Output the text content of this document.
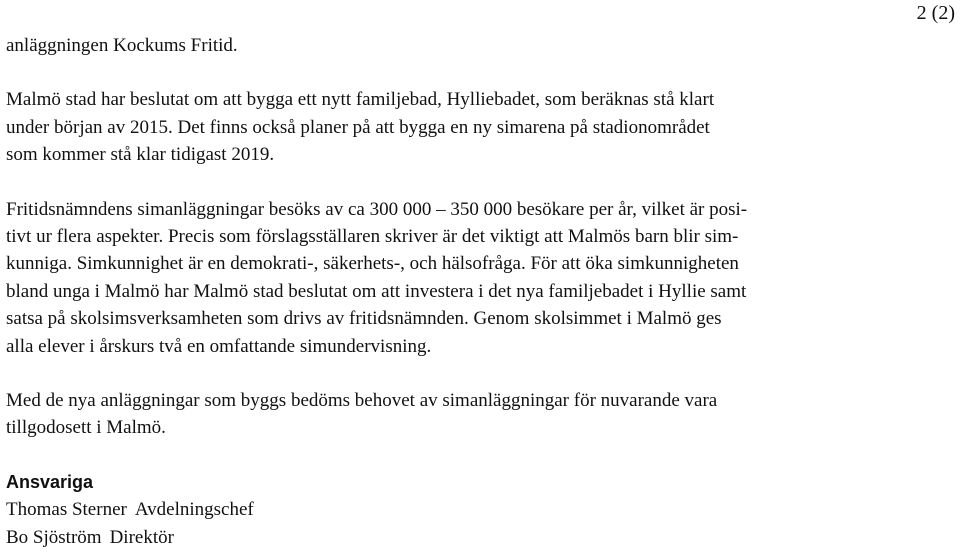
2 (2)
anläggningen Kockums Fritid.
Malmö stad har beslutat om att bygga ett nytt familjebad, Hylliebadet, som beräknas stå klart
under början av 2015. Det finns också planer på att bygga en ny simarena på stadionområdet
som kommer stå klar tidigast 2019.
Fritidsnämndens simanläggningar besöks av ca 300 000 – 350 000 besökare per år, vilket är posi-
tivt ur flera aspekter. Precis som förslagsställaren skriver är det viktigt att Malmös barn blir sim-
kunniga. Simkunnighet är en demokrati-, säkerhets-, och hälsofråga. För att öka simkunnigheten
bland unga i Malmö har Malmö stad beslutat om att investera i det nya familjebadet i Hyllie samt
satsa på skolsimsverksamheten som drivs av fritidsnämnden. Genom skolsimmet i Malmö ges
alla elever i årskurs två en omfattande simundervisning.
Med de nya anläggningar som byggs bedöms behovet av simanläggningar för nuvarande vara
tillgodosett i Malmö.
Ansvariga
Thomas Sterner Avdelningschef
Bo Sjöström Direktör
